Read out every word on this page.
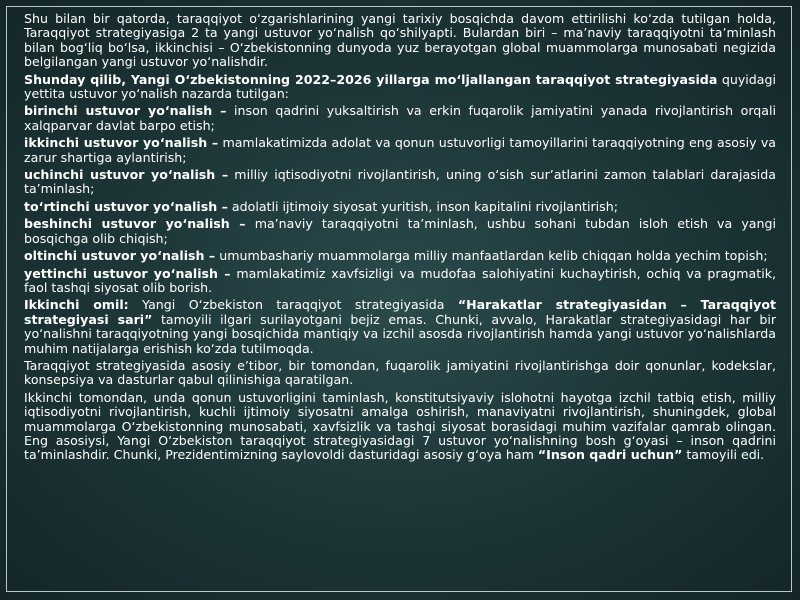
Shu bilan bir qatorda, taraqqiyot o‘zgarishlarining yangi tarixiy bosqichda davom ettirilishi ko‘zda tutilgan holda, Taraqqiyot strategiyasiga 2 ta yangi ustuvor yo‘nalish qo‘shilyapti. Bulardan biri – ma’naviy taraqqiyotni ta’minlash bilan bog‘liq bo‘lsa, ikkinchisi – O‘zbekistonning dunyoda yuz berayotgan global muammolarga munosabati negizida belgilangan yangi ustuvor yo‘nalishdir.

Shunday qilib, Yangi O‘zbekistonning 2022–2026 yillarga mo‘ljallangan taraqqiyot strategiyasida quyidagi yettita ustuvor yo‘nalish nazarda tutilgan:

birinchi ustuvor yo‘nalish – inson qadrini yuksaltirish va erkin fuqarolik jamiyatini yanada rivojlantirish orqali xalqparvar davlat barpo etish;

ikkinchi ustuvor yo‘nalish – mamlakatimizda adolat va qonun ustuvorligi tamoyillarini taraqqiyotning eng asosiy va zarur shartiga aylantirish;

uchinchi ustuvor yo‘nalish – milliy iqtisodiyotni rivojlantirish, uning o‘sish sur’atlarini zamon talablari darajasida ta’minlash;

to‘rtinchi ustuvor yo‘nalish – adolatli ijtimoiy siyosat yuritish, inson kapitalini rivojlantirish;

beshinchi ustuvor yo‘nalish – ma’naviy taraqqiyotni ta’minlash, ushbu sohani tubdan isloh etish va yangi bosqichga olib chiqish;

oltinchi ustuvor yo‘nalish – umumbashariy muammolarga milliy manfaatlardan kelib chiqqan holda yechim topish;

yettinchi ustuvor yo‘nalish – mamlakatimiz xavfsizligi va mudofaa salohiyatini kuchaytirish, ochiq va pragmatik, faol tashqi siyosat olib borish.

Ikkinchi omil: Yangi O‘zbekiston taraqqiyot strategiyasida “Harakatlar strategiyasidan – Taraqqiyot strategiyasi sari” tamoyili ilgari surilayotgani bejiz emas. Chunki, avvalo, Harakatlar strategiyasidagi har bir yo‘nalishni taraqqiyotning yangi bosqichida mantiqiy va izchil asosda rivojlantirish hamda yangi ustuvor yo‘nalishlarda muhim natijalarga erishish ko‘zda tutilmoqda.

Taraqqiyot strategiyasida asosiy e’tibor, bir tomondan, fuqarolik jamiyatini rivojlantirishga doir qonunlar, kodekslar, konsepsiya va dasturlar qabul qilinishiga qaratilgan.

Ikkinchi tomondan, unda qonun ustuvorligini taminlash, konstitutsiyaviy islohotni hayotga izchil tatbiq etish, milliy iqtisodiyotni rivojlantirish, kuchli ijtimoiy siyosatni amalga oshirish, manaviyatni rivojlantirish, shuningdek, global muammolarga O‘zbekistonning munosabati, xavfsizlik va tashqi siyosat borasidagi muhim vazifalar qamrab olingan. Eng asosiysi, Yangi O‘zbekiston taraqqiyot strategiyasidagi 7 ustuvor yo‘nalishning bosh g‘oyasi – inson qadrini ta’minlashdir. Chunki, Prezidentimizning saylovoldi dasturidagi asosiy g‘oya ham “Inson qadri uchun” tamoyili edi.
